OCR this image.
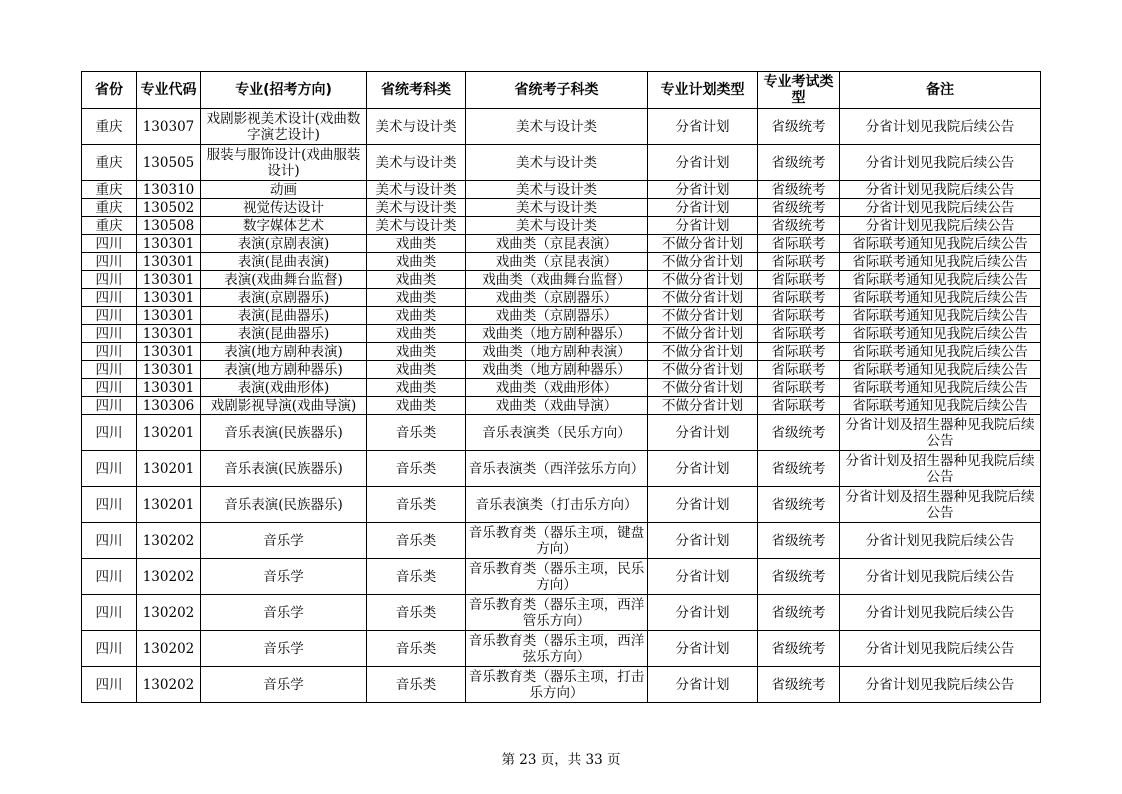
省份	专业代码	专业(招考方向)	省统考科类	省统考子科类	专业计划类型	专业考试类型	备注
重庆	130307	戏剧影视美术设计(戏曲数字演艺设计)	美术与设计类	美术与设计类	分省计划	省级统考	分省计划见我院后续公告
重庆	130505	服装与服饰设计(戏曲服装设计)	美术与设计类	美术与设计类	分省计划	省级统考	分省计划见我院后续公告
重庆	130310	动画	美术与设计类	美术与设计类	分省计划	省级统考	分省计划见我院后续公告
重庆	130502	视觉传达设计	美术与设计类	美术与设计类	分省计划	省级统考	分省计划见我院后续公告
重庆	130508	数字媒体艺术	美术与设计类	美术与设计类	分省计划	省级统考	分省计划见我院后续公告
四川	130301	表演(京剧表演)	戏曲类	戏曲类（京昆表演）	不做分省计划	省际联考	省际联考通知见我院后续公告
四川	130301	表演(昆曲表演)	戏曲类	戏曲类（京昆表演）	不做分省计划	省际联考	省际联考通知见我院后续公告
四川	130301	表演(戏曲舞台监督)	戏曲类	戏曲类（戏曲舞台监督）	不做分省计划	省际联考	省际联考通知见我院后续公告
四川	130301	表演(京剧器乐)	戏曲类	戏曲类（京剧器乐）	不做分省计划	省际联考	省际联考通知见我院后续公告
四川	130301	表演(昆曲器乐)	戏曲类	戏曲类（京剧器乐）	不做分省计划	省际联考	省际联考通知见我院后续公告
四川	130301	表演(昆曲器乐)	戏曲类	戏曲类（地方剧种器乐）	不做分省计划	省际联考	省际联考通知见我院后续公告
四川	130301	表演(地方剧种表演)	戏曲类	戏曲类（地方剧种表演）	不做分省计划	省际联考	省际联考通知见我院后续公告
四川	130301	表演(地方剧种器乐)	戏曲类	戏曲类（地方剧种器乐）	不做分省计划	省际联考	省际联考通知见我院后续公告
四川	130301	表演(戏曲形体)	戏曲类	戏曲类（戏曲形体）	不做分省计划	省际联考	省际联考通知见我院后续公告
四川	130306	戏剧影视导演(戏曲导演)	戏曲类	戏曲类（戏曲导演）	不做分省计划	省际联考	省际联考通知见我院后续公告
四川	130201	音乐表演(民族器乐)	音乐类	音乐表演类（民乐方向）	分省计划	省级统考	分省计划及招生器种见我院后续公告
四川	130201	音乐表演(民族器乐)	音乐类	音乐表演类（西洋弦乐方向）	分省计划	省级统考	分省计划及招生器种见我院后续公告
四川	130201	音乐表演(民族器乐)	音乐类	音乐表演类（打击乐方向）	分省计划	省级统考	分省计划及招生器种见我院后续公告
四川	130202	音乐学	音乐类	音乐教育类（器乐主项，键盘方向）	分省计划	省级统考	分省计划见我院后续公告
四川	130202	音乐学	音乐类	音乐教育类（器乐主项，民乐方向）	分省计划	省级统考	分省计划见我院后续公告
四川	130202	音乐学	音乐类	音乐教育类（器乐主项，西洋管乐方向）	分省计划	省级统考	分省计划见我院后续公告
四川	130202	音乐学	音乐类	音乐教育类（器乐主项，西洋弦乐方向）	分省计划	省级统考	分省计划见我院后续公告
四川	130202	音乐学	音乐类	音乐教育类（器乐主项，打击乐方向）	分省计划	省级统考	分省计划见我院后续公告
第 23 页，共 33 页
